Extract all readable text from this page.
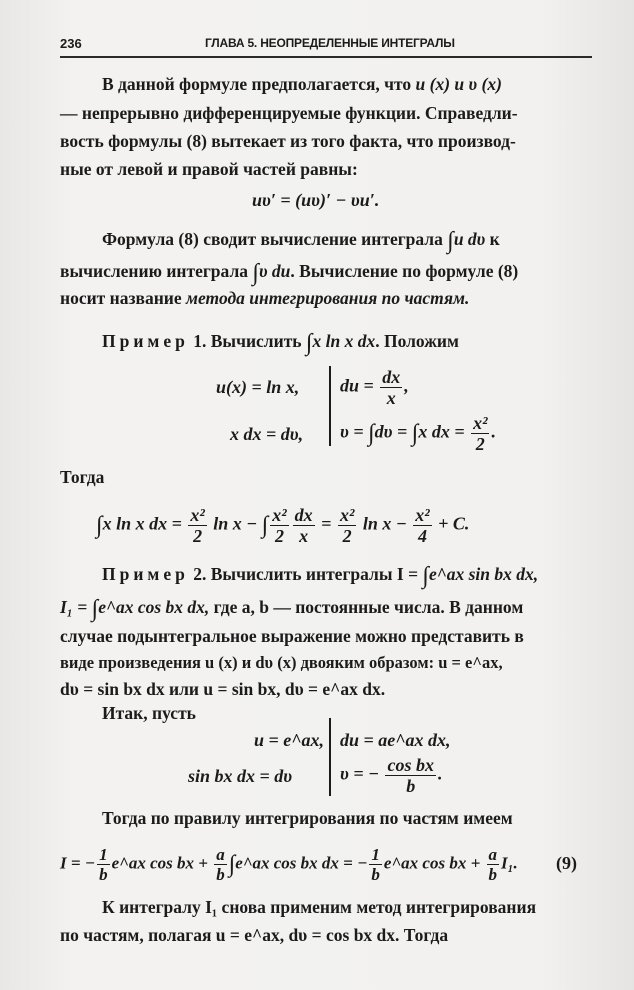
236	ГЛАВА 5. НЕОПРЕДЕЛЕННЫЕ ИНТЕГРАЛЫ
В данной формуле предполагается, что u (x) и υ (x)
— непрерывно дифференцируемые функции. Справедли-
вость формулы (8) вытекает из того факта, что производ-
ные от левой и правой частей равны:
uυ′ = (uυ)′ − υu′.
Формула (8) сводит вычисление интеграла ∫u dυ к
вычислению интеграла ∫υ du. Вычисление по формуле (8)
носит название метода интегрирования по частям.
Пример 1. Вычислить ∫x ln x dx. Положим
u(x) = ln x,
x dx = dυ,
du = $\frac{dx}{x}$ ,
υ = ∫dυ = ∫x dx = $\frac{\text{x²}}{2}$ .
Тогда
∫x ln x dx = $\frac{\text{x²}}{2}$ ln x − ∫ $\frac{\text{x²}}{2} \frac{dx}{x} = \frac{\text{x²}}{2}$ $\ln x - \frac{\text{x²}}{4} + C$.
Пример 2. Вычислить интегралы I = ∫e^ax sin bx dx,
I₁ = ∫e^ax cos bx dx, где a, b — постоянные числа. В данном
случае подынтегральное выражение можно представить в
виде произведения u (x) и dυ (x) двояким образом: u = e^ax,
dυ = sin bx dx или u = sin bx, dυ = e^ax dx.
Итак, пусть
u = e^ax,
sin bx dx = dυ
du = ae^ax dx,
υ = − $\frac{\text{cos bx}}{b}$ .
Тогда по правилу интегрирования по частям имеем
I = − $\frac{1}{b}$ e^ax cos bx + $\frac{a}{b}$ ∫e^ax cos bx dx = − $\frac{1}{b}$ e^ax cos bx + $\frac{a}{b} I_1$. (9)
К интегралу I₁ снова применим метод интегрирования
по частям, полагая u = e^ax, dυ = cos bx dx. Тогда
